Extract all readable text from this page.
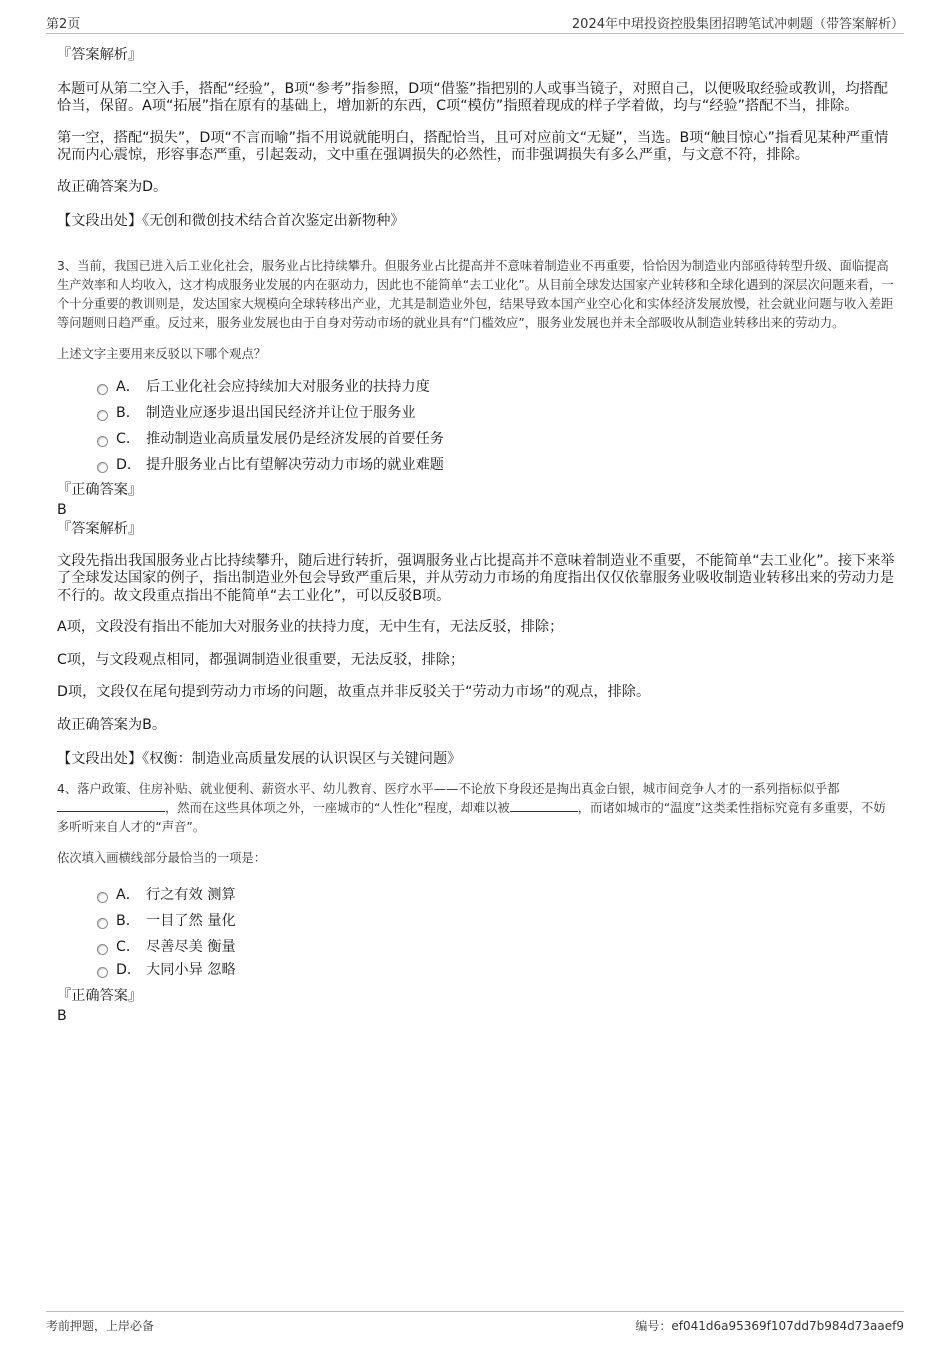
第2页	2024年中珺投资控股集团招聘笔试冲刺题（带答案解析）

『答案解析』

本题可从第二空入手，搭配“经验”，B项“参考”指参照，D项“借鉴”指把别的人或事当镜子，对照自己，以便吸取经验或教训，均搭配恰当，保留。A项“拓展”指在原有的基础上，增加新的东西，C项“模仿”指照着现成的样子学着做，均与“经验”搭配不当，排除。

第一空，搭配“损失”，D项“不言而喻”指不用说就能明白，搭配恰当，且可对应前文“无疑”，当选。B项“触目惊心”指看见某种严重情况而内心震惊，形容事态严重，引起轰动，文中重在强调损失的必然性，而非强调损失有多么严重，与文意不符，排除。

故正确答案为D。

【文段出处】《无创和微创技术结合首次鉴定出新物种》

3、当前，我国已进入后工业化社会，服务业占比持续攀升。但服务业占比提高并不意味着制造业不再重要，恰恰因为制造业内部亟待转型升级、面临提高生产效率和人均收入，这才构成服务业发展的内在驱动力，因此也不能简单“去工业化”。从目前全球发达国家产业转移和全球化遇到的深层次问题来看，一个十分重要的教训则是，发达国家大规模向全球转移出产业，尤其是制造业外包，结果导致本国产业空心化和实体经济发展放慢，社会就业问题与收入差距等问题则日趋严重。反过来，服务业发展也由于自身对劳动市场的就业具有“门槛效应”，服务业发展也并未全部吸收从制造业转移出来的劳动力。

上述文字主要用来反驳以下哪个观点？

A． 后工业化社会应持续加大对服务业的扶持力度
B． 制造业应逐步退出国民经济并让位于服务业
C． 推动制造业高质量发展仍是经济发展的首要任务
D． 提升服务业占比有望解决劳动力市场的就业难题

『正确答案』

B

『答案解析』

文段先指出我国服务业占比持续攀升，随后进行转折，强调服务业占比提高并不意味着制造业不重要，不能简单“去工业化”。接下来举了全球发达国家的例子，指出制造业外包会导致严重后果，并从劳动力市场的角度指出仅仅依靠服务业吸收制造业转移出来的劳动力是不行的。故文段重点指出不能简单“去工业化”，可以反驳B项。

A项，文段没有指出不能加大对服务业的扶持力度，无中生有，无法反驳，排除；

C项，与文段观点相同，都强调制造业很重要，无法反驳，排除；

D项，文段仅在尾句提到劳动力市场的问题，故重点并非反驳关于“劳动力市场”的观点，排除。

故正确答案为B。

【文段出处】《权衡：制造业高质量发展的认识误区与关键问题》

4、落户政策、住房补贴、就业便利、薪资水平、幼儿教育、医疗水平——不论放下身段还是掏出真金白银，城市间竞争人才的一系列指标似乎都，然而在这些具体项之外，一座城市的“人性化”程度，却难以被	，而诸如城市的“温度”这类柔性指标究竟有多重要，不妨多听听来自人才的“声音”。

依次填入画横线部分最恰当的一项是：

A． 行之有效 测算
B． 一目了然 量化
C． 尽善尽美 衡量
D． 大同小异 忽略

『正确答案』

B

考前押题，上岸必备	编号：ef041d6a95369f107dd7b984d73aaef9
